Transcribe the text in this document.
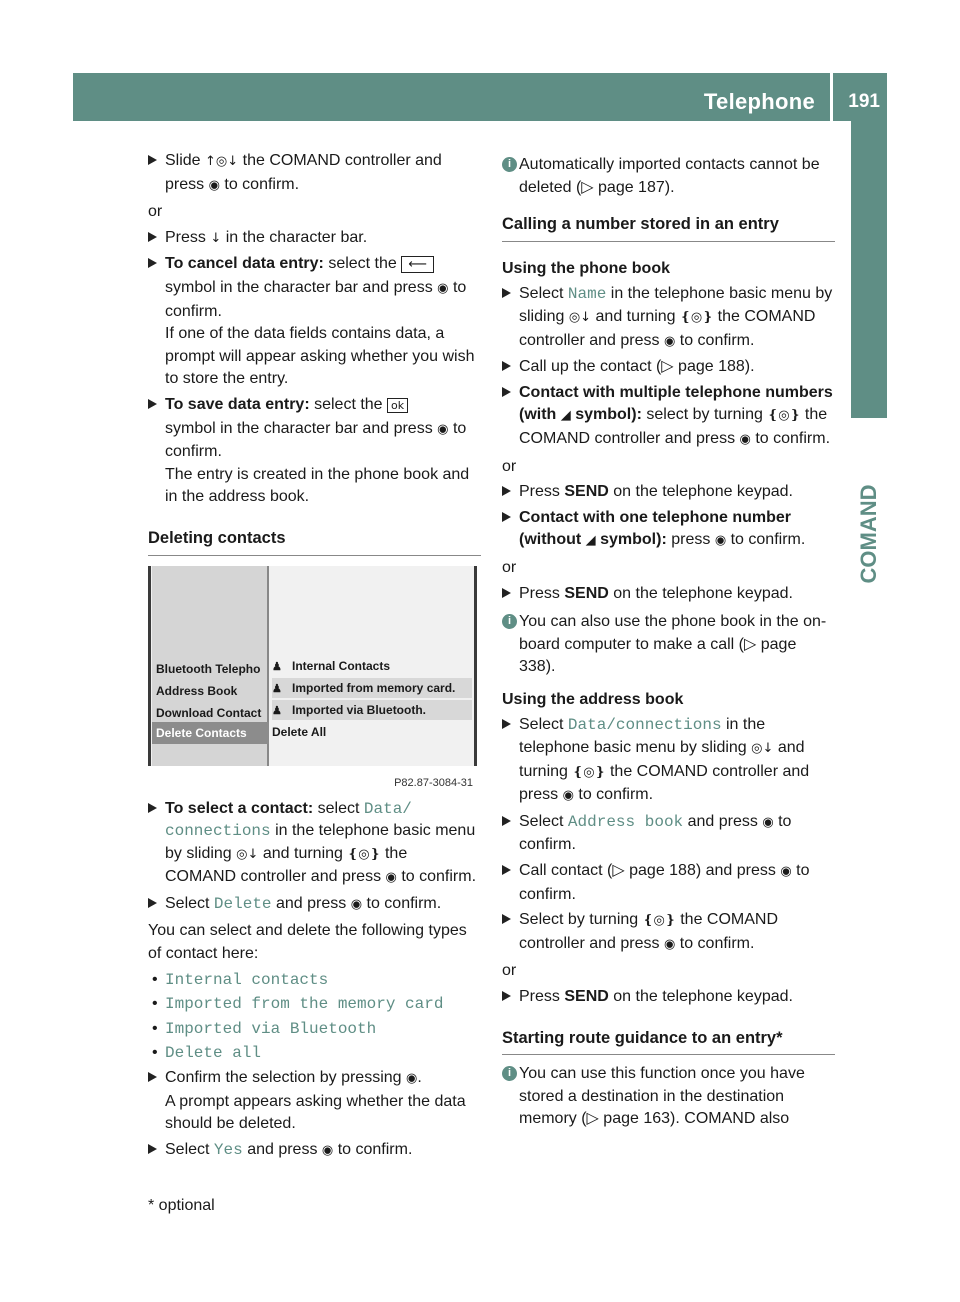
Telephone 191
COMAND
Slide ↑◎↓ the COMAND controller and press ◉ to confirm.
or
Press ↓ in the character bar.
To cancel data entry: select the ⟵
symbol in the character bar and press ◉ to confirm.
If one of the data fields contains data, a prompt will appear asking whether you wish to store the entry.
To save data entry: select the ok
symbol in the character bar and press ◉ to confirm.
The entry is created in the phone book and in the address book.
Deleting contacts
Bluetooth Telepho
Address Book
Download Contact
Delete Contacts
♟ Internal Contacts
♟ Imported from memory card.
♟ Imported via Bluetooth.
Delete All
P82.87-3084-31
To select a contact: select Data/ connections in the telephone basic menu by sliding ◎↓ and turning ❴◎❵ the COMAND controller and press ◉ to confirm.
Select Delete and press ◉ to confirm.
You can select and delete the following types of contact here:
• Internal contacts
• Imported from the memory card
• Imported via Bluetooth
• Delete all
Confirm the selection by pressing ◉.
A prompt appears asking whether the data should be deleted.
Select Yes and press ◉ to confirm.
i Automatically imported contacts cannot be deleted (▷ page 187).
Calling a number stored in an entry
Using the phone book
Select Name in the telephone basic menu by sliding ◎↓ and turning ❴◎❵ the COMAND controller and press ◉ to confirm.
Call up the contact (▷ page 188).
Contact with multiple telephone numbers (with ◢ symbol): select by turning ❴◎❵ the COMAND controller and press ◉ to confirm.
or
Press SEND on the telephone keypad.
Contact with one telephone number (without ◢ symbol): press ◉ to confirm.
or
Press SEND on the telephone keypad.
i You can also use the phone book in the on-board computer to make a call (▷ page 338).
Using the address book
Select Data/connections in the telephone basic menu by sliding ◎↓ and turning ❴◎❵ the COMAND controller and press ◉ to confirm.
Select Address book and press ◉ to confirm.
Call contact (▷ page 188) and press ◉ to confirm.
Select by turning ❴◎❵ the COMAND controller and press ◉ to confirm.
or
Press SEND on the telephone keypad.
Starting route guidance to an entry*
i You can use this function once you have stored a destination in the destination memory (▷ page 163). COMAND also
* optional
